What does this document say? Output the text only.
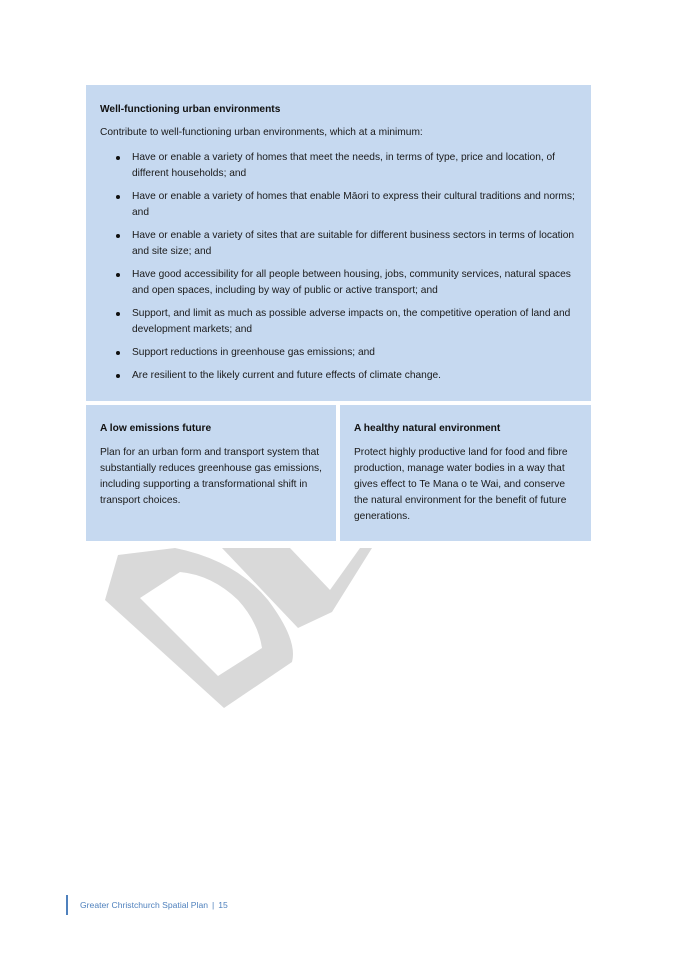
Well-functioning urban environments
Contribute to well-functioning urban environments, which at a minimum:
Have or enable a variety of homes that meet the needs, in terms of type, price and location, of different households; and
Have or enable a variety of homes that enable Māori to express their cultural traditions and norms; and
Have or enable a variety of sites that are suitable for different business sectors in terms of location and site size; and
Have good accessibility for all people between housing, jobs, community services, natural spaces and open spaces, including by way of public or active transport; and
Support, and limit as much as possible adverse impacts on, the competitive operation of land and development markets; and
Support reductions in greenhouse gas emissions; and
Are resilient to the likely current and future effects of climate change.
A low emissions future
Plan for an urban form and transport system that substantially reduces greenhouse gas emissions, including supporting a transformational shift in transport choices.
A healthy natural environment
Protect highly productive land for food and fibre production, manage water bodies in a way that gives effect to Te Mana o te Wai, and conserve the natural environment for the benefit of future generations.
Greater Christchurch Spatial Plan | 15
